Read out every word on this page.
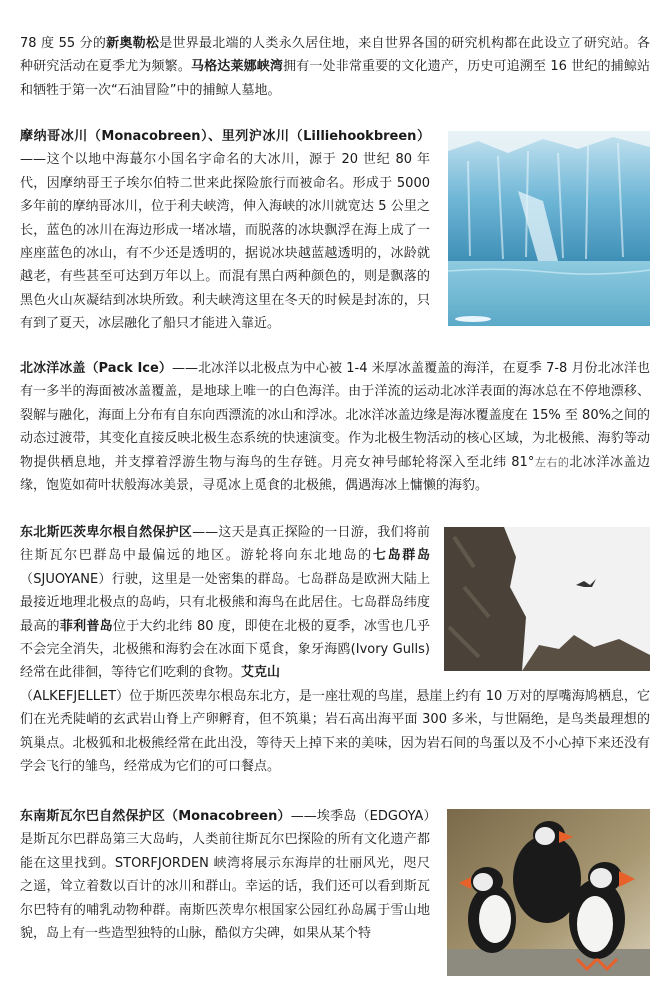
78 度 55 分的新奥勒松是世界最北端的人类永久居住地，来自世界各国的研究机构都在此设立了研究站。各种研究活动在夏季尤为频繁。马格达莱娜峡湾拥有一处非常重要的文化遗产，历史可追溯至 16 世纪的捕鲸站和牺牲于第一次“石油冒险”中的捕鲸人墓地。

摩纳哥冰川（Monacobreen）、里列沪冰川（Lilliehookbreen）——这个以地中海蕞尔小国名字命名的大冰川，源于 20 世纪 80 年代，因摩纳哥王子埃尔伯特二世来此探险旅行而被命名。形成于 5000 多年前的摩纳哥冰川，位于利夫峡湾，伸入海峡的冰川就宽达 5 公里之长，蓝色的冰川在海边形成一堵冰墙，而脱落的冰块飘浮在海上成了一座座蓝色的冰山，有不少还是透明的，据说冰块越蓝越透明的，冰龄就越老，有些甚至可达到万年以上。而混有黑白两种颜色的，则是飘落的黑色火山灰凝结到冰块所致。利夫峡湾这里在冬天的时候是封冻的，只有到了夏天，冰层融化了船只才能进入靠近。

北冰洋冰盖（Pack Ice）——北冰洋以北极点为中心被 1-4 米厚冰盖覆盖的海洋，在夏季 7-8 月份北冰洋也有一多半的海面被冰盖覆盖，是地球上唯一的白色海洋。由于洋流的运动北冰洋表面的海冰总在不停地漂移、裂解与融化，海面上分布有自东向西漂流的冰山和浮冰。北冰洋冰盖边缘是海冰覆盖度在 15% 至 80%之间的动态过渡带，其变化直接反映北极生态系统的快速演变。作为北极生物活动的核心区域，为北极熊、海豹等动物提供栖息地，并支撑着浮游生物与海鸟的生存链。月亮女神号邮轮将深入至北纬 81°左右的北冰洋冰盖边缘，饱览如荷叶状般海冰美景，寻觅冰上觅食的北极熊，偶遇海冰上慵懒的海豹。

东北斯匹茨卑尔根自然保护区——这天是真正探险的一日游，我们将前往斯瓦尔巴群岛中最偏远的地区。游轮将向东北地岛的七岛群岛（SJUOYANE）行驶，这里是一处密集的群岛。七岛群岛是欧洲大陆上最接近地理北极点的岛屿，只有北极熊和海鸟在此居住。七岛群岛纬度最高的菲利普岛位于大约北纬 80 度，即使在北极的夏季，冰雪也几乎不会完全消失，北极熊和海豹会在冰面下觅食，象牙海鸥(Ivory Gulls) 经常在此徘徊，等待它们吃剩的食物。艾克山

（ALKEFJELLET）位于斯匹茨卑尔根岛东北方，是一座壮观的鸟崖，悬崖上约有 10 万对的厚嘴海鸠栖息，它们在光秃陡峭的玄武岩山脊上产卵孵育，但不筑巢；岩石高出海平面 300 多米，与世隔绝，是鸟类最理想的筑巢点。北极狐和北极熊经常在此出没，等待天上掉下来的美味，因为岩石间的鸟蛋以及不小心掉下来还没有学会飞行的雏鸟，经常成为它们的可口餐点。

东南斯瓦尔巴自然保护区（Monacobreen）——埃季岛（EDGOYA）是斯瓦尔巴群岛第三大岛屿，人类前往斯瓦尔巴探险的所有文化遗产都能在这里找到。STORFJORDEN 峡湾将展示东海岸的壮丽风光，咫尺之遥，耸立着数以百计的冰川和群山。幸运的话，我们还可以看到斯瓦尔巴特有的哺乳动物种群。南斯匹茨卑尔根国家公园红孙岛属于雪山地貌，岛上有一些造型独特的山脉，酷似方尖碑，如果从某个特
